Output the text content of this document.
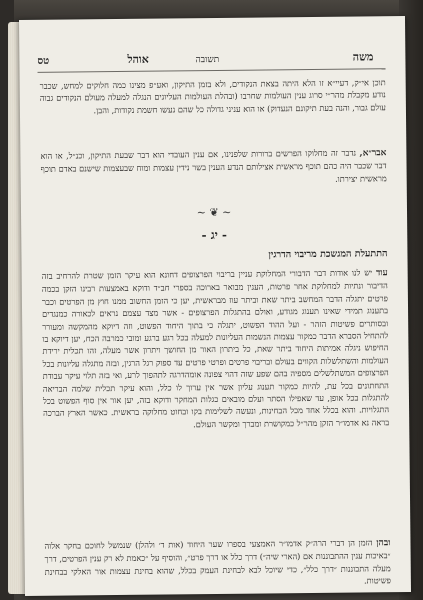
משה
תשובה
אוהל
טס
תוכן אי״ק, דעיי״א זו הלא היתה בצאת הנקודים, ולא בזמן התיקון, ואע״פ מצינו כמה חלוקים למחש, שכבר נודע מקבלת מהר״י סרוג ענין העולמות שחרבו (ובהלת העולמות העליונים הנגלה למעלה מעולם הנקודים גבוה עולם גבור, והנה בעת תיקונם הנעדוק) או הוא עניני גדולה כל שהם נעשו חשמת נקודות, והבן.
אבר״א, נדבר זה מחלוקו הפרשים ברורות שלפנינו, אם ענין העובדי הוא דבר שבעת התיקון, וכנ״ל, או הוא דבר שכבר היה כהם תוכף מראשית אצילותם הנדע הענין בשר נידין עצמות ומוח שבעצמות שישנם באדם תוכף מראשית יצירתו.
~ ❦ ~
- יג -
התתעלת המגשכת מריבוי הדרגין
עוד יש לנו אודות דבר הדבורי המחלוקת עניין בריבוי הפרצופים דחונא הוא עיקר הזמן שטרת להרחיב בזה הדיבור ונתיות למחלוקת אחר פרטות, הענין מבואר בארוכה בספרי חב״ד ודוקא באמצעות רבינו הזקן בכמה פרטים יתגלה הדבר המחשב ביתר שאת וביתר עוז מבראשית, יען כי הזמן החשוב ממנו חוץ מן הפרטים וכבר בתענוג תמידי שאינו תענוג מגודע, ואולם בהתגלות הפרצופים - אשר מצד עצמם נראים לכאורה כמנגדים ובסותרים פשיטות הזהר - ועל ההוד הפשוט, יתגלה כי בתוך היחוד הפשוט, וזה דיוקא מהמקשה ומעורר להתחיל הסברא הדבר כמקור עצמות הנשמות העליונות למעלה בכל רגע ברגע ומובי כמרבה הכח, יען דיוקא בו החיפוש ניגלה אמיתות היחוד ביתר שאת, כל ביתרון האור מן החושך ויתרון אשר מעלה, זהו תכלית ירידת העולמות והשתלשלות הקווים בעולם ובריבוי פרטים ופרטי פרטים עד ספוק רגל הרגין, ובזה מתגלה עליונות בכל הפרצופים המשתלשלים מספיה בהם שפע שזה דהוי צפונה אומהדרגה לתהפוך לרע, ואי בזה תלוי עיקר עבודת התחתונים בכל עת, להיות כמקור תענוג עליון אשר אין ערוך לו כלל, והוא עיקר תכלית שלמה הבריאה להתגלות בכל אופן, עד שאפילו הסתר ועלם מובאים כגלות המחקר ודוקא בזה, יען אור אין סוף הפשוט בכל התגלויות. והוא בכלל אחד מכל הבחינות, ונעשה לשלימות בקו ובחוט מחלוקה בראשית. כאשר הארץ הברכה בראה נא אדמו״ר הזקן מהר״ל כמקושרת ומברך ומקשר העולם.
ובהן הזמן הן דברי הרה״ק אדמו״ר האמצעי בספרו שער היחוד (אות ד׳ ולהלן) שנמשל לחוכם בחקר אלוה ״באיכות ענין ההתבוננות אם (הארי שיה״) דרך כלל או דרך פרט״, והוסיף על ״כאמת לא רק ענין הפרטים, דרך מעלה התבוננות ״דרך כלל״, כדי שיוכל לבא לבחינת העמק בכלל, שהוא בחינת עצמות אור האלקי בבחינת פשיטות.
